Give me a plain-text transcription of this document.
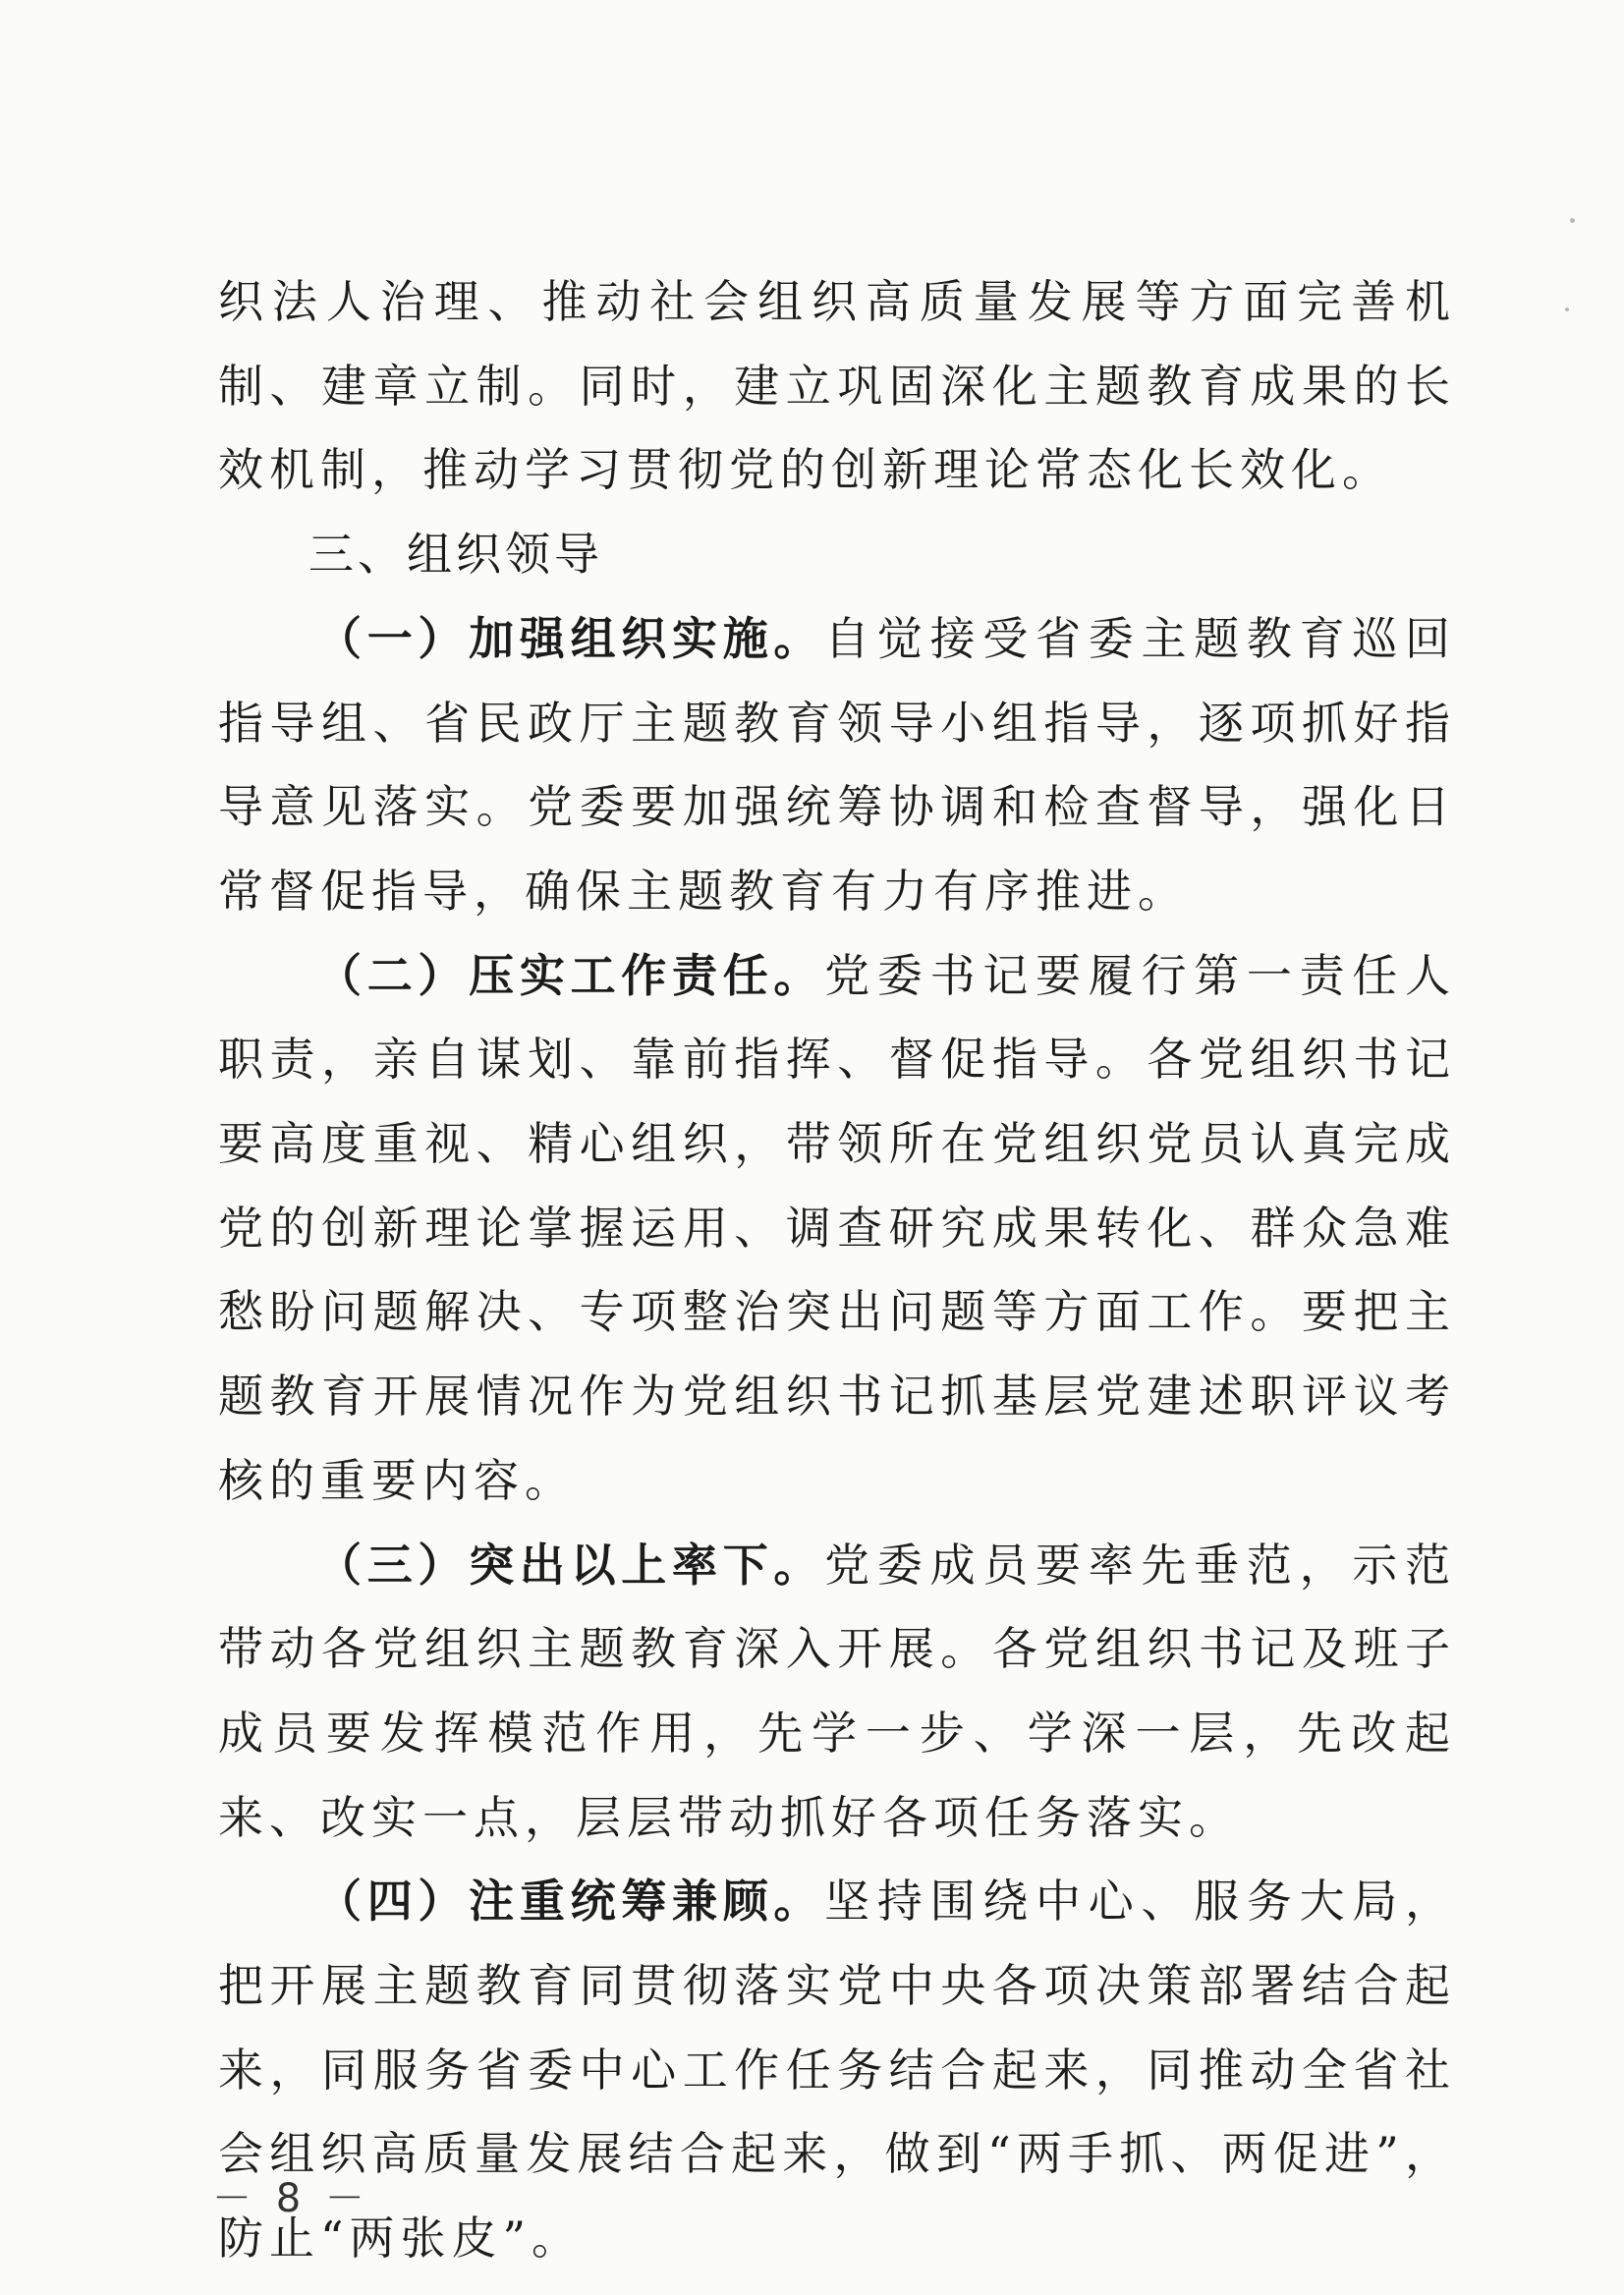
织法人治理、推动社会组织高质量发展等方面完善机制、建章立制。同时，建立巩固深化主题教育成果的长效机制，推动学习贯彻党的创新理论常态化长效化。

三、组织领导

（一）加强组织实施。自觉接受省委主题教育巡回指导组、省民政厅主题教育领导小组指导，逐项抓好指导意见落实。党委要加强统筹协调和检查督导，强化日常督促指导，确保主题教育有力有序推进。

（二）压实工作责任。党委书记要履行第一责任人职责，亲自谋划、靠前指挥、督促指导。各党组织书记要高度重视、精心组织，带领所在党组织党员认真完成党的创新理论掌握运用、调查研究成果转化、群众急难愁盼问题解决、专项整治突出问题等方面工作。要把主题教育开展情况作为党组织书记抓基层党建述职评议考核的重要内容。

（三）突出以上率下。党委成员要率先垂范，示范带动各党组织主题教育深入开展。各党组织书记及班子成员要发挥模范作用，先学一步、学深一层，先改起来、改实一点，层层带动抓好各项任务落实。

（四）注重统筹兼顾。坚持围绕中心、服务大局，把开展主题教育同贯彻落实党中央各项决策部署结合起来，同服务省委中心工作任务结合起来，同推动全省社会组织高质量发展结合起来，做到“两手抓、两促进”，防止“两张皮”。

－ 8 －
